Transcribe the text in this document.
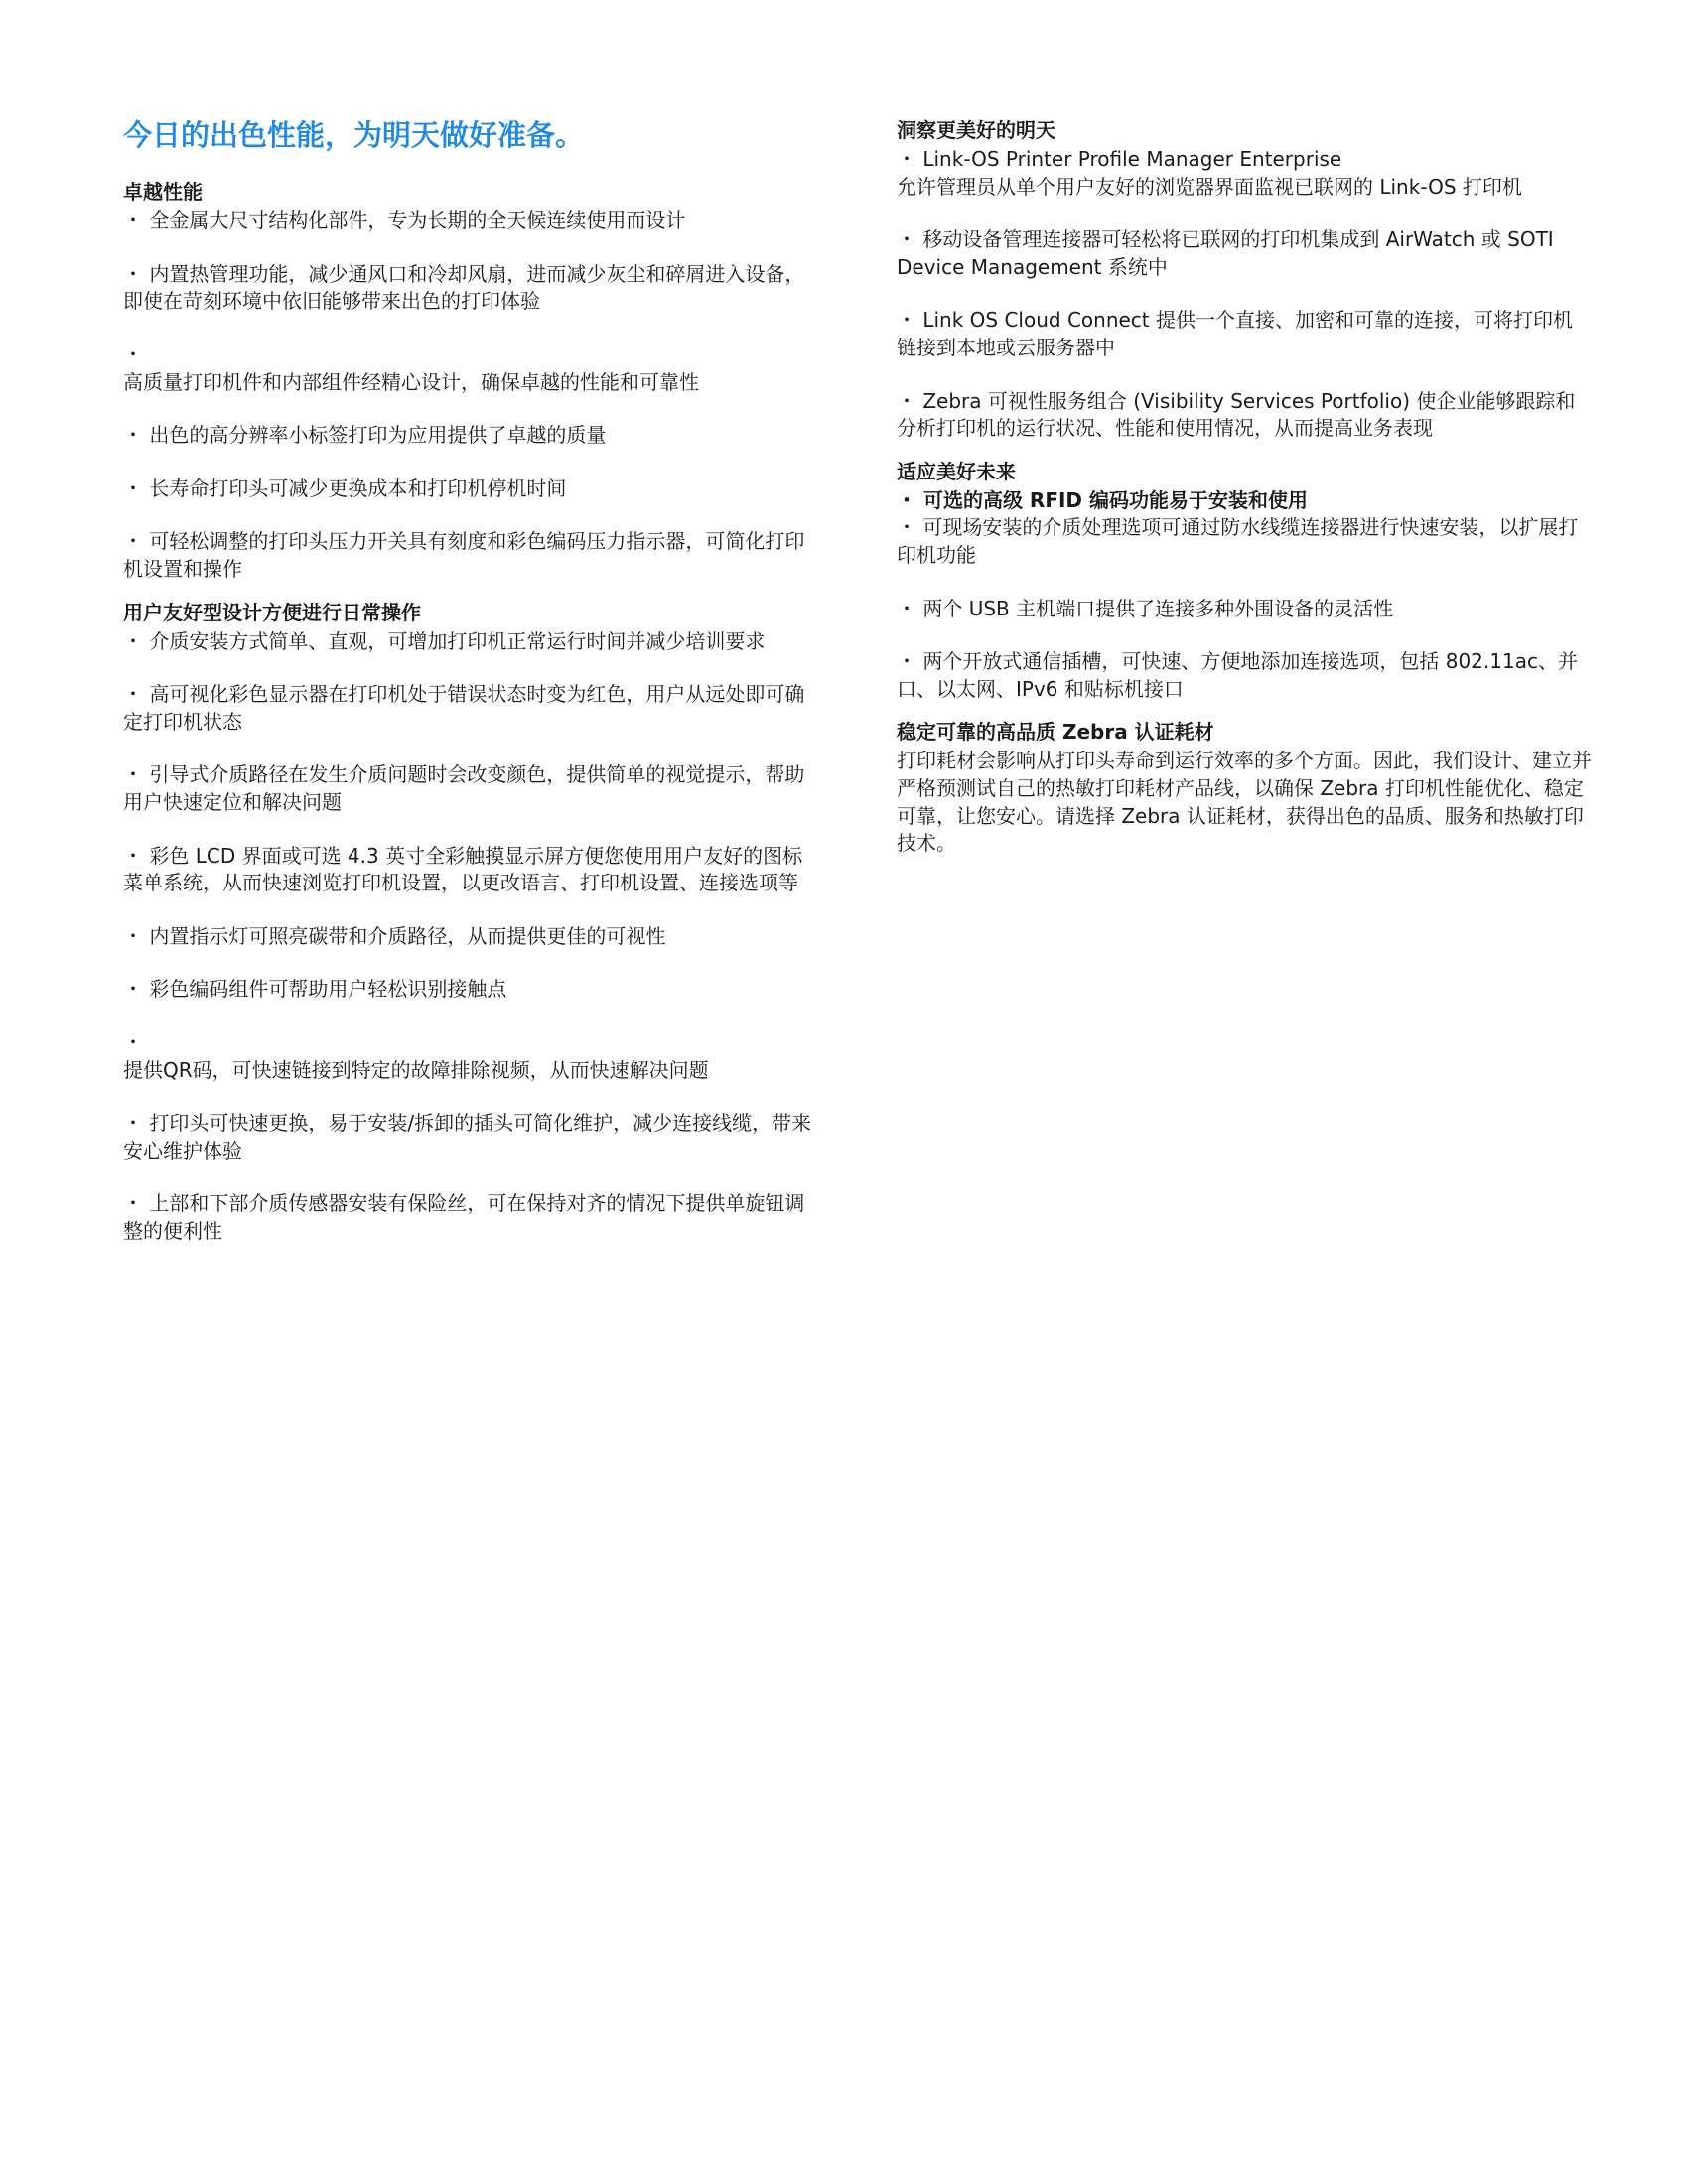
今日的出色性能，为明天做好准备。
卓越性能
・ 全金属大尺寸结构化部件，专为长期的全天候连续使用而设计
・ 内置热管理功能，减少通风口和冷却风扇，进而减少灰尘和碎屑进入设备，即使在苛刻环境中依旧能够带来出色的打印体验
・
高质量打印机件和内部组件经精心设计，确保卓越的性能和可靠性
・ 出色的高分辨率小标签打印为应用提供了卓越的质量
・ 长寿命打印头可减少更换成本和打印机停机时间
・ 可轻松调整的打印头压力开关具有刻度和彩色编码压力指示器，可简化打印机设置和操作
用户友好型设计方便进行日常操作
・ 介质安装方式简单、直观，可增加打印机正常运行时间并减少培训要求
・ 高可视化彩色显示器在打印机处于错误状态时变为红色，用户从远处即可确定打印机状态
・ 引导式介质路径在发生介质问题时会改变颜色，提供简单的视觉提示，帮助用户快速定位和解决问题
・ 彩色 LCD 界面或可选 4.3 英寸全彩触摸显示屏方便您使用用户友好的图标菜单系统，从而快速浏览打印机设置，以更改语言、打印机设置、连接选项等
・ 内置指示灯可照亮碳带和介质路径，从而提供更佳的可视性
・ 彩色编码组件可帮助用户轻松识别接触点
・
提供QR码，可快速链接到特定的故障排除视频，从而快速解决问题
・ 打印头可快速更换，易于安装/拆卸的插头可简化维护，减少连接线缆，带来安心维护体验
・ 上部和下部介质传感器安装有保险丝，可在保持对齐的情况下提供单旋钮调整的便利性
洞察更美好的明天
・ Link-OS Printer Profile Manager Enterprise
允许管理员从单个用户友好的浏览器界面监视已联网的 Link-OS 打印机
・ 移动设备管理连接器可轻松将已联网的打印机集成到 AirWatch 或 SOTI Device Management 系统中
・ Link OS Cloud Connect 提供一个直接、加密和可靠的连接，可将打印机链接到本地或云服务器中
・ Zebra 可视性服务组合 (Visibility Services Portfolio) 使企业能够跟踪和分析打印机的运行状况、性能和使用情况，从而提高业务表现
适应美好未来
・ 可选的高级 RFID 编码功能易于安装和使用
・ 可现场安装的介质处理选项可通过防水线缆连接器进行快速安装，以扩展打印机功能
・ 两个 USB 主机端口提供了连接多种外围设备的灵活性
・ 两个开放式通信插槽，可快速、方便地添加连接选项，包括 802.11ac、并口、以太网、IPv6 和贴标机接口
稳定可靠的高品质 Zebra 认证耗材

打印耗材会影响从打印头寿命到运行效率的多个方面。因此，我们设计、建立并严格预测试自己的热敏打印耗材产品线，以确保 Zebra 打印机性能优化、稳定可靠，让您安心。请选择 Zebra 认证耗材，获得出色的品质、服务和热敏打印技术。
